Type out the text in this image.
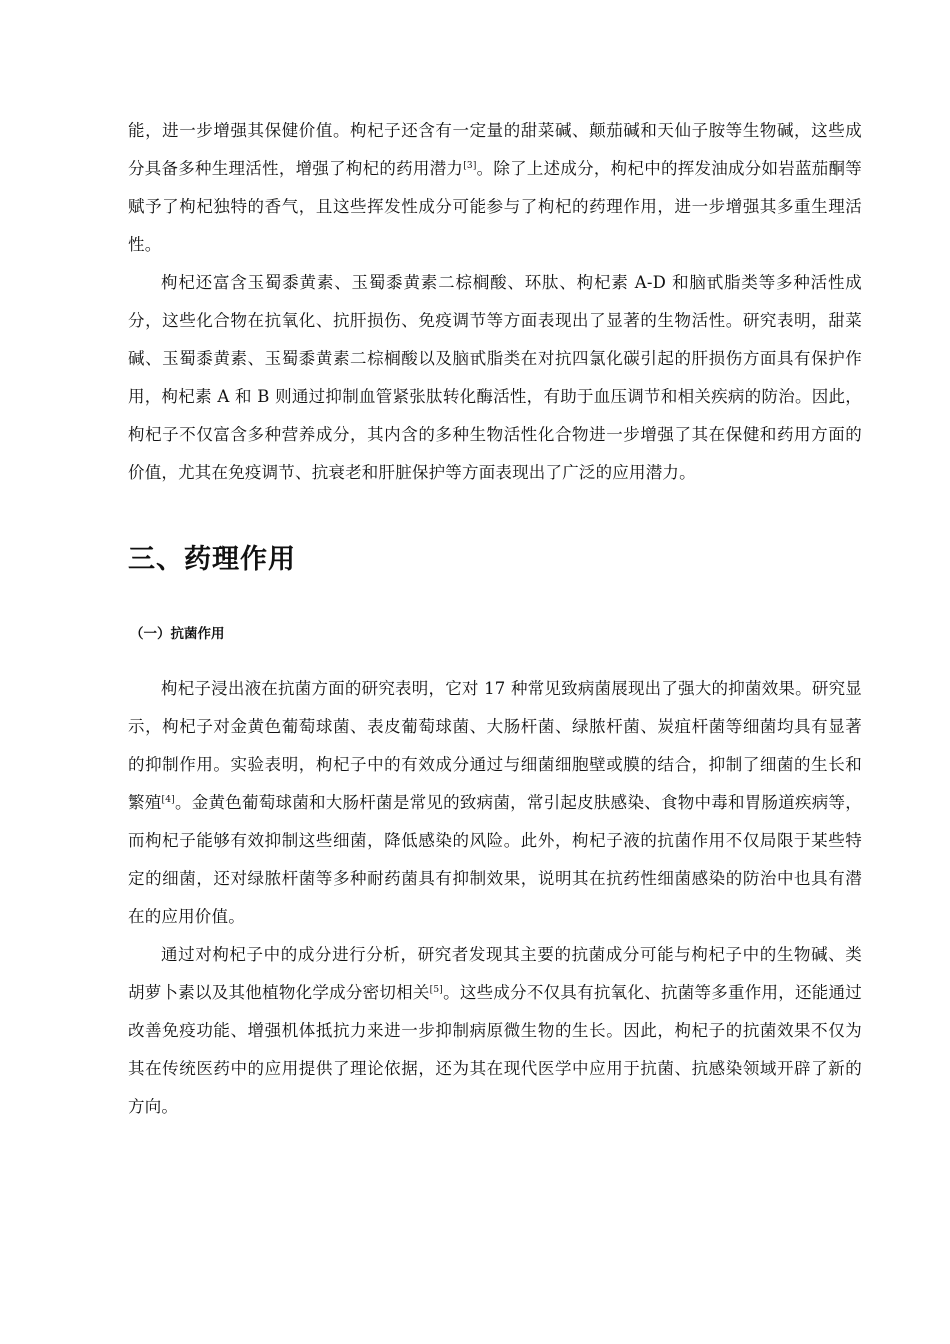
能，进一步增强其保健价值。枸杞子还含有一定量的甜菜碱、颠茄碱和天仙子胺等生物碱，这些成分具备多种生理活性，增强了枸杞的药用潜力[3]。除了上述成分，枸杞中的挥发油成分如岩蓝茄酮等赋予了枸杞独特的香气，且这些挥发性成分可能参与了枸杞的药理作用，进一步增强其多重生理活性。

枸杞还富含玉蜀黍黄素、玉蜀黍黄素二棕榈酸、环肽、枸杞素 A-D 和脑甙脂类等多种活性成分，这些化合物在抗氧化、抗肝损伤、免疫调节等方面表现出了显著的生物活性。研究表明，甜菜碱、玉蜀黍黄素、玉蜀黍黄素二棕榈酸以及脑甙脂类在对抗四氯化碳引起的肝损伤方面具有保护作用，枸杞素 A 和 B 则通过抑制血管紧张肽转化酶活性，有助于血压调节和相关疾病的防治。因此，枸杞子不仅富含多种营养成分，其内含的多种生物活性化合物进一步增强了其在保健和药用方面的价值，尤其在免疫调节、抗衰老和肝脏保护等方面表现出了广泛的应用潜力。

三、药理作用
（一）抗菌作用

枸杞子浸出液在抗菌方面的研究表明，它对 17 种常见致病菌展现出了强大的抑菌效果。研究显示，枸杞子对金黄色葡萄球菌、表皮葡萄球菌、大肠杆菌、绿脓杆菌、炭疽杆菌等细菌均具有显著的抑制作用。实验表明，枸杞子中的有效成分通过与细菌细胞壁或膜的结合，抑制了细菌的生长和繁殖[4]。金黄色葡萄球菌和大肠杆菌是常见的致病菌，常引起皮肤感染、食物中毒和胃肠道疾病等，而枸杞子能够有效抑制这些细菌，降低感染的风险。此外，枸杞子液的抗菌作用不仅局限于某些特定的细菌，还对绿脓杆菌等多种耐药菌具有抑制效果，说明其在抗药性细菌感染的防治中也具有潜在的应用价值。

通过对枸杞子中的成分进行分析，研究者发现其主要的抗菌成分可能与枸杞子中的生物碱、类胡萝卜素以及其他植物化学成分密切相关[5]。这些成分不仅具有抗氧化、抗菌等多重作用，还能通过改善免疫功能、增强机体抵抗力来进一步抑制病原微生物的生长。因此，枸杞子的抗菌效果不仅为其在传统医药中的应用提供了理论依据，还为其在现代医学中应用于抗菌、抗感染领域开辟了新的方向。
